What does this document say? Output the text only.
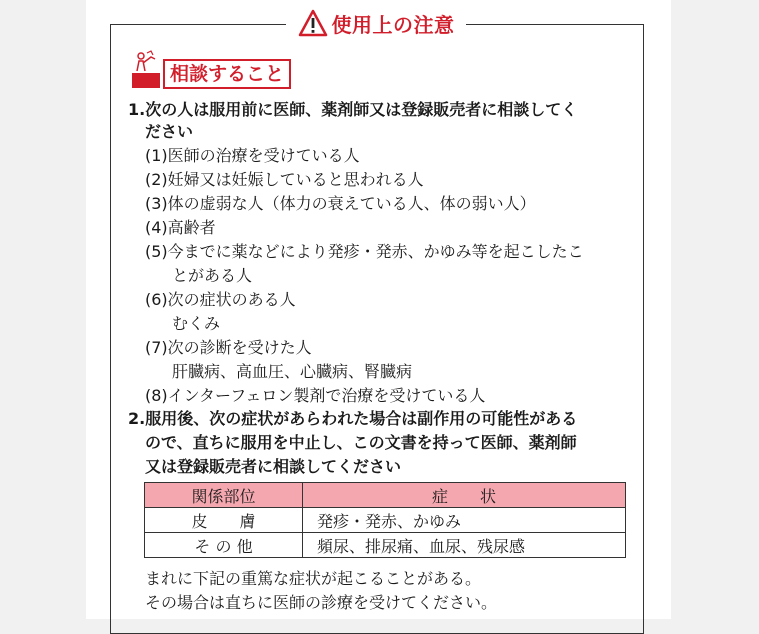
使用上の注意
相談すること
1.次の人は服用前に医師、薬剤師又は登録販売者に相談してく
ださい
(1)医師の治療を受けている人
(2)妊婦又は妊娠していると思われる人
(3)体の虚弱な人（体力の衰えている人、体の弱い人）
(4)高齢者
(5)今までに薬などにより発疹・発赤、かゆみ等を起こしたこ
とがある人
(6)次の症状のある人
むくみ
(7)次の診断を受けた人
肝臓病、高血圧、心臓病、腎臓病
(8)インターフェロン製剤で治療を受けている人
2.服用後、次の症状があらわれた場合は副作用の可能性がある
ので、直ちに服用を中止し、この文書を持って医師、薬剤師
又は登録販売者に相談してください
関係部位	症　　状
皮　　膚	発疹・発赤、かゆみ
そ の 他	頻尿、排尿痛、血尿、残尿感
まれに下記の重篤な症状が起こることがある。
その場合は直ちに医師の診療を受けてください。
